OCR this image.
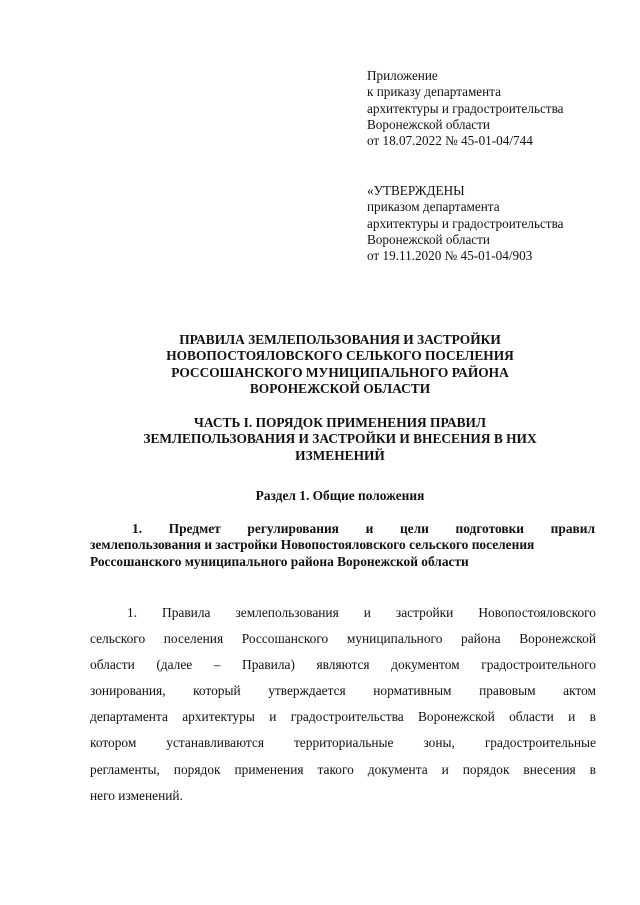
Приложение
к приказу департамента
архитектуры и градостроительства
Воронежской области
от 18.07.2022 № 45-01-04/744
«УТВЕРЖДЕНЫ
приказом департамента
архитектуры и градостроительства
Воронежской области
от 19.11.2020 № 45-01-04/903
ПРАВИЛА ЗЕМЛЕПОЛЬЗОВАНИЯ И ЗАСТРОЙКИ
НОВОПОСТОЯЛОВСКОГО СЕЛЬКОГО ПОСЕЛЕНИЯ
РОССОШАНСКОГО МУНИЦИПАЛЬНОГО РАЙОНА
ВОРОНЕЖСКОЙ ОБЛАСТИ
ЧАСТЬ I. ПОРЯДОК ПРИМЕНЕНИЯ ПРАВИЛ
ЗЕМЛЕПОЛЬЗОВАНИЯ И ЗАСТРОЙКИ И ВНЕСЕНИЯ В НИХ
ИЗМЕНЕНИЙ
Раздел 1. Общие положения
1. Предмет регулирования и цели подготовки правил
землепользования и застройки Новопостояловского сельского поселения
Россошанского муниципального района Воронежской области
1. Правила землепользования и застройки Новопостояловского
сельского поселения Россошанского муниципального района Воронежской
области (далее – Правила) являются документом градостроительного
зонирования, который утверждается нормативным правовым актом
департамента архитектуры и градостроительства Воронежской области и в
котором устанавливаются территориальные зоны, градостроительные
регламенты, порядок применения такого документа и порядок внесения в
него изменений.
